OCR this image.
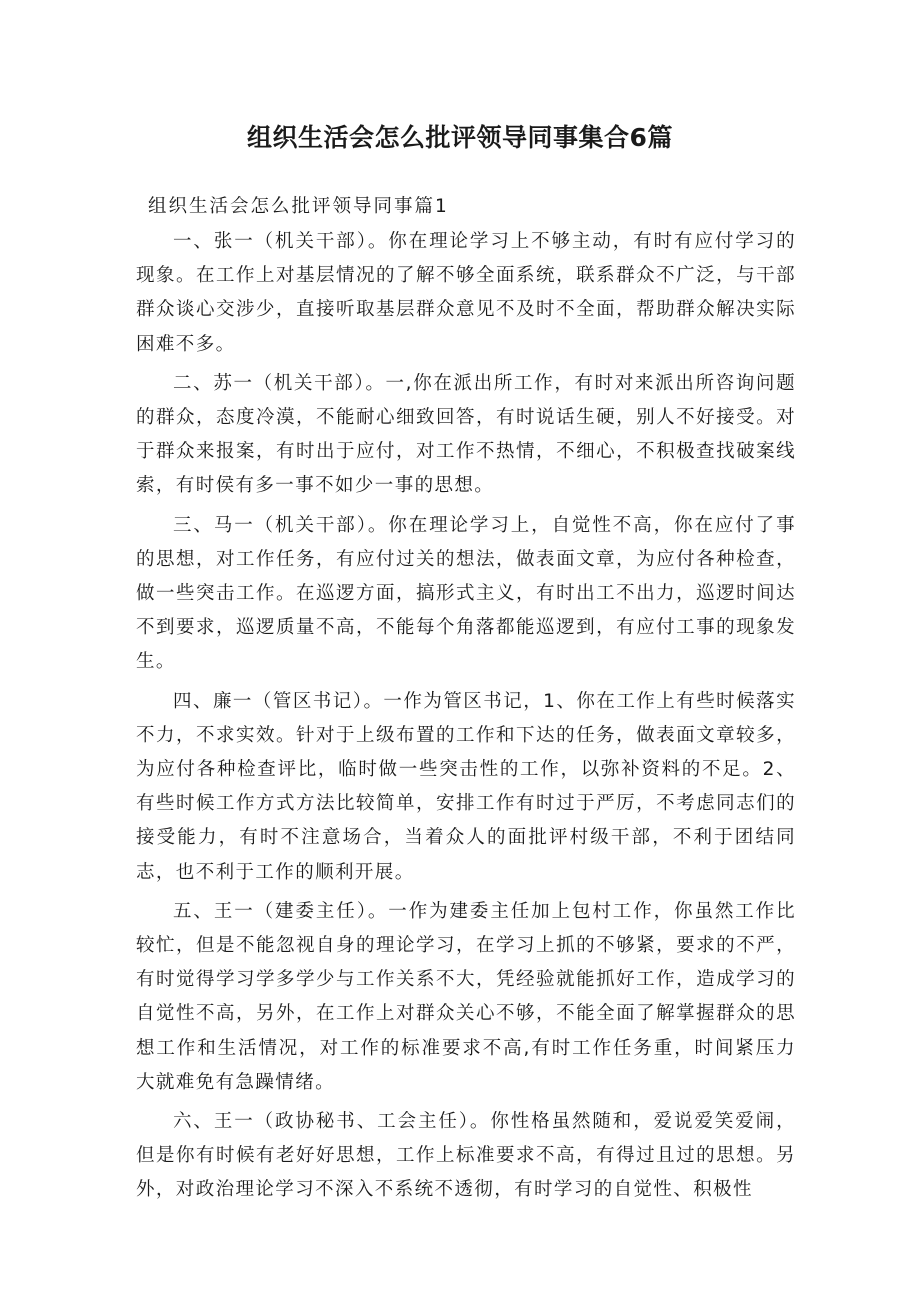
组织生活会怎么批评领导同事集合6篇
组织生活会怎么批评领导同事篇1

一、张一（机关干部）。你在理论学习上不够主动，有时有应付学习的现象。在工作上对基层情况的了解不够全面系统，联系群众不广泛，与干部群众谈心交涉少，直接听取基层群众意见不及时不全面，帮助群众解决实际困难不多。

二、苏一（机关干部）。一,你在派出所工作，有时对来派出所咨询问题的群众，态度冷漠，不能耐心细致回答，有时说话生硬，别人不好接受。对于群众来报案，有时出于应付，对工作不热情，不细心，不积极查找破案线索，有时侯有多一事不如少一事的思想。

三、马一（机关干部）。你在理论学习上，自觉性不高，你在应付了事的思想，对工作任务，有应付过关的想法，做表面文章，为应付各种检查，做一些突击工作。在巡逻方面，搞形式主义，有时出工不出力，巡逻时间达不到要求，巡逻质量不高，不能每个角落都能巡逻到，有应付工事的现象发生。

四、廉一（管区书记）。一作为管区书记，1、你在工作上有些时候落实不力，不求实效。针对于上级布置的工作和下达的任务，做表面文章较多，为应付各种检查评比，临时做一些突击性的工作，以弥补资料的不足。2、有些时候工作方式方法比较简单，安排工作有时过于严厉，不考虑同志们的接受能力，有时不注意场合，当着众人的面批评村级干部，不利于团结同志，也不利于工作的顺利开展。

五、王一（建委主任）。一作为建委主任加上包村工作，你虽然工作比较忙，但是不能忽视自身的理论学习，在学习上抓的不够紧，要求的不严，有时觉得学习学多学少与工作关系不大，凭经验就能抓好工作，造成学习的自觉性不高，另外，在工作上对群众关心不够，不能全面了解掌握群众的思想工作和生活情况，对工作的标准要求不高,有时工作任务重，时间紧压力大就难免有急躁情绪。

六、王一（政协秘书、工会主任）。你性格虽然随和，爱说爱笑爱闹，但是你有时候有老好好思想，工作上标准要求不高，有得过且过的思想。另外，对政治理论学习不深入不系统不透彻，有时学习的自觉性、积极性
